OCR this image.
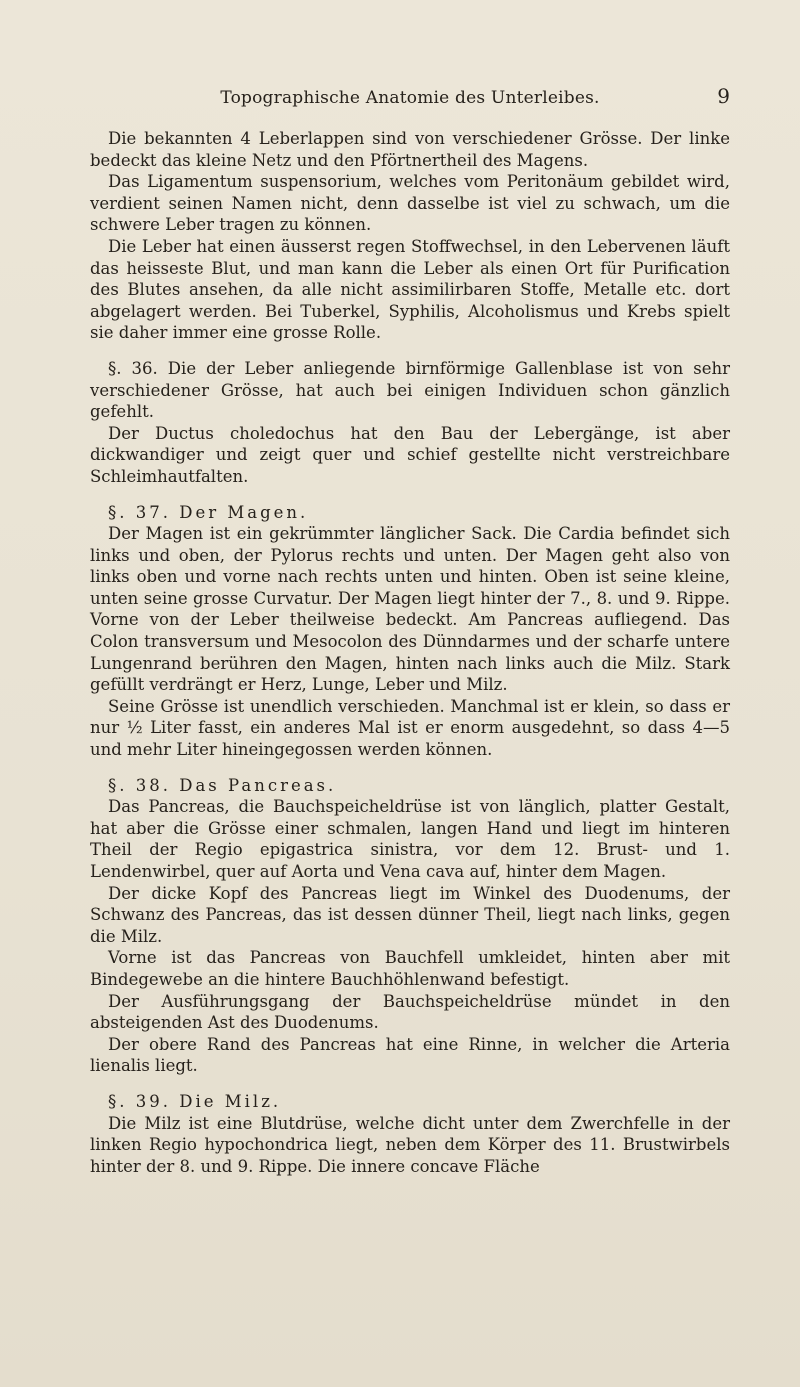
Topographische Anatomie des Unterleibes.	9

Die bekannten 4 Leberlappen sind von verschiedener Grösse. Der linke bedeckt das kleine Netz und den Pförtnertheil des Magens.

Das Ligamentum suspensorium, welches vom Peritonäum gebildet wird, verdient seinen Namen nicht, denn dasselbe ist viel zu schwach, um die schwere Leber tragen zu können.

Die Leber hat einen äusserst regen Stoffwechsel, in den Lebervenen läuft das heisseste Blut, und man kann die Leber als einen Ort für Purification des Blutes ansehen, da alle nicht assimilirbaren Stoffe, Metalle etc. dort abgelagert werden. Bei Tuberkel, Syphilis, Alcoholismus und Krebs spielt sie daher immer eine grosse Rolle.

§. 36. Die der Leber anliegende birnförmige Gallenblase ist von sehr verschiedener Grösse, hat auch bei einigen Individuen schon gänzlich gefehlt.

Der Ductus choledochus hat den Bau der Lebergänge, ist aber dickwandiger und zeigt quer und schief gestellte nicht verstreichbare Schleimhautfalten.

§. 37. Der Magen.

Der Magen ist ein gekrümmter länglicher Sack. Die Cardia befindet sich links und oben, der Pylorus rechts und unten. Der Magen geht also von links oben und vorne nach rechts unten und hinten. Oben ist seine kleine, unten seine grosse Curvatur. Der Magen liegt hinter der 7., 8. und 9. Rippe. Vorne von der Leber theilweise bedeckt. Am Pancreas aufliegend. Das Colon transversum und Mesocolon des Dünndarmes und der scharfe untere Lungenrand berühren den Magen, hinten nach links auch die Milz. Stark gefüllt verdrängt er Herz, Lunge, Leber und Milz.

Seine Grösse ist unendlich verschieden. Manchmal ist er klein, so dass er nur ½ Liter fasst, ein anderes Mal ist er enorm ausgedehnt, so dass 4—5 und mehr Liter hineingegossen werden können.

§. 38. Das Pancreas.

Das Pancreas, die Bauchspeicheldrüse ist von länglich, platter Gestalt, hat aber die Grösse einer schmalen, langen Hand und liegt im hinteren Theil der Regio epigastrica sinistra, vor dem 12. Brust- und 1. Lendenwirbel, quer auf Aorta und Vena cava auf, hinter dem Magen.

Der dicke Kopf des Pancreas liegt im Winkel des Duodenums, der Schwanz des Pancreas, das ist dessen dünner Theil, liegt nach links, gegen die Milz.

Vorne ist das Pancreas von Bauchfell umkleidet, hinten aber mit Bindegewebe an die hintere Bauchhöhlenwand befestigt.

Der Ausführungsgang der Bauchspeicheldrüse mündet in den absteigenden Ast des Duodenums.

Der obere Rand des Pancreas hat eine Rinne, in welcher die Arteria lienalis liegt.

§. 39. Die Milz.

Die Milz ist eine Blutdrüse, welche dicht unter dem Zwerchfelle in der linken Regio hypochondrica liegt, neben dem Körper des 11. Brustwirbels hinter der 8. und 9. Rippe. Die innere concave Fläche
